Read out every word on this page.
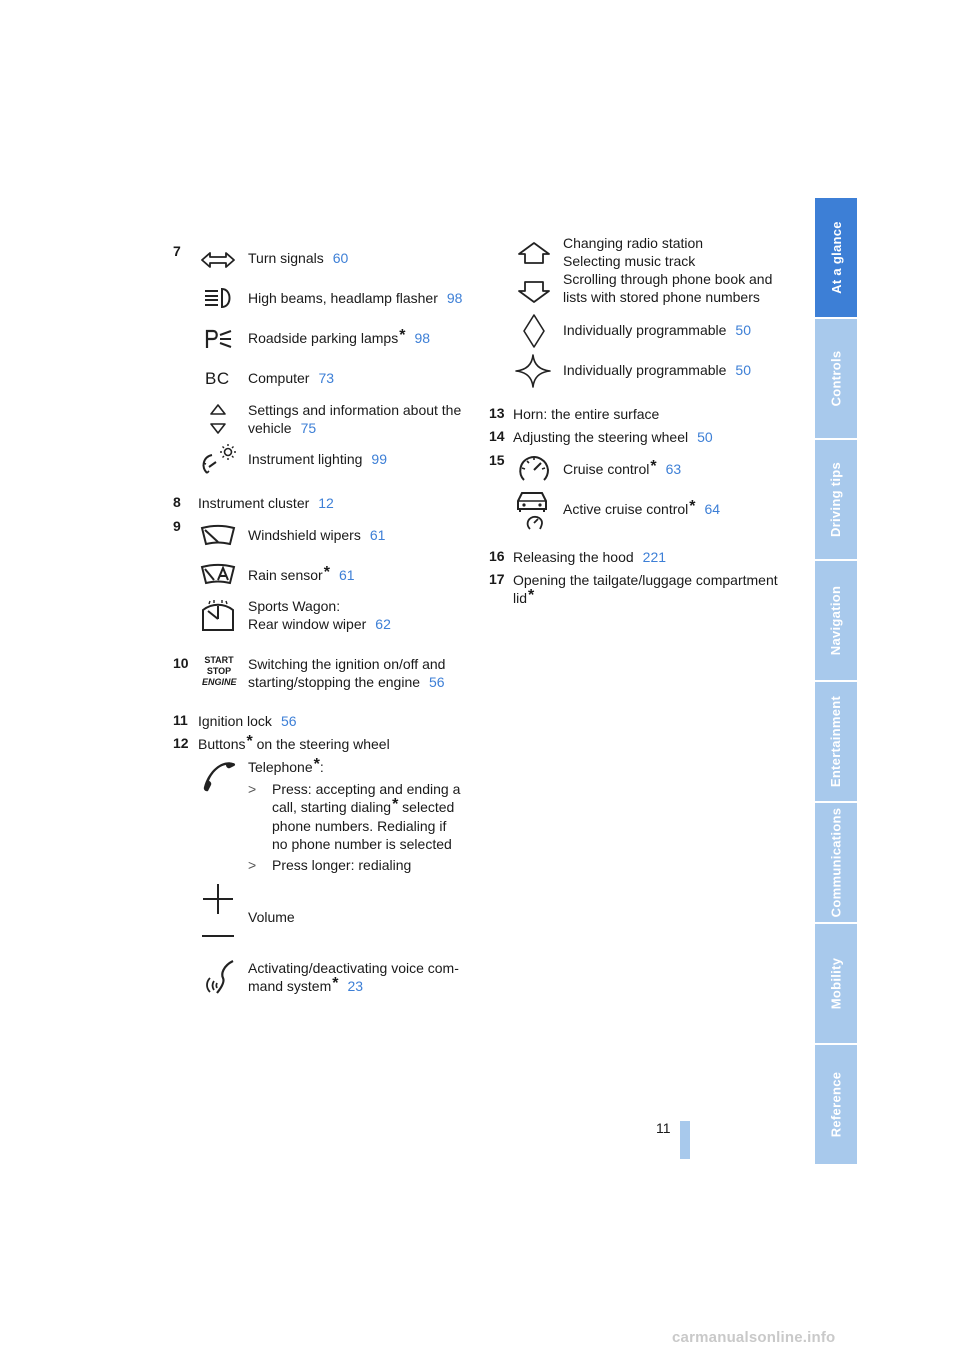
At a glance
Controls
Driving tips
Navigation
Entertainment
Communications
Mobility
Reference
7	Turn signals 60
High beams, headlamp flasher 98
Roadside parking lamps* 98
BC Computer 73
Settings and information about the
vehicle 75
Instrument lighting 99
8 Instrument cluster 12
9
Windshield wipers 61
Rain sensor* 61
Sports Wagon:
Rear window wiper 62
10 START
STOP
ENGINE
Switching the ignition on/off and
starting/stopping the engine 56
11 Ignition lock 56
12 Buttons* on the steering wheel
Telephone*:
> Press: accepting and ending a
call, starting dialing* selected
phone numbers. Redialing if
no phone number is selected
> Press longer: redialing
Volume
Activating/deactivating voice com-
mand system* 23
Changing radio station
Selecting music track
Scrolling through phone book and
lists with stored phone numbers
Individually programmable 50
Individually programmable 50
13 Horn: the entire surface
14 Adjusting the steering wheel 50
15
Cruise control* 63
Active cruise control* 64
16 Releasing the hood 221
17 Opening the tailgate/luggage compartment
lid*
11
carmanualsonline.info
